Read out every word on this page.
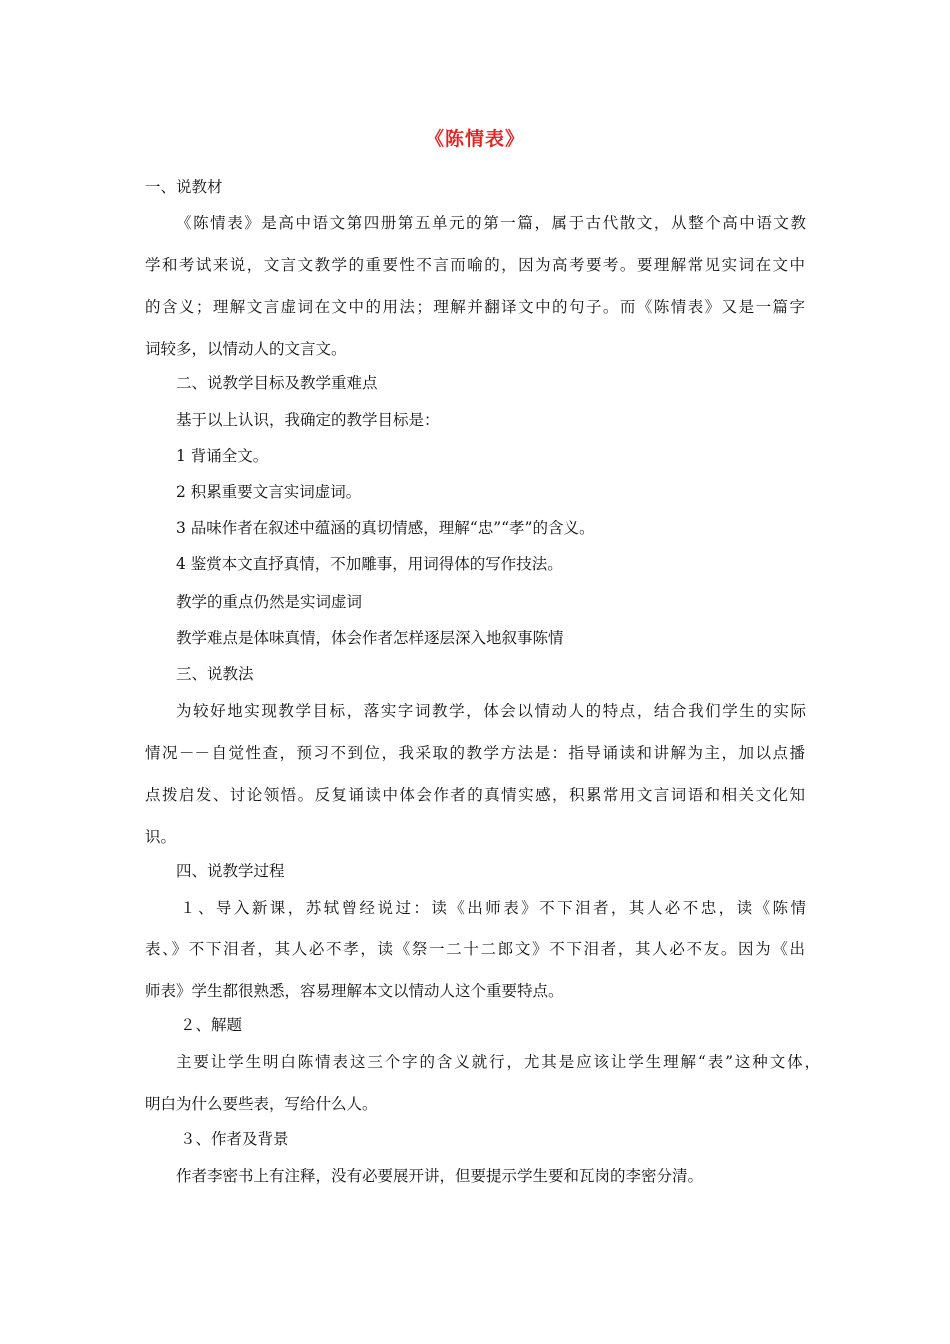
《陈情表》
一、说教材
《陈情表》是高中语文第四册第五单元的第一篇，属于古代散文，从整个高中语文教
学和考试来说，文言文教学的重要性不言而喻的，因为高考要考。要理解常见实词在文中
的含义；理解文言虚词在文中的用法；理解并翻译文中的句子。而《陈情表》又是一篇字
词较多，以情动人的文言文。
二、说教学目标及教学重难点
基于以上认识，我确定的教学目标是：
1 背诵全文。
2 积累重要文言实词虚词。
3 品味作者在叙述中蕴涵的真切情感，理解“忠”“孝”的含义。
4 鉴赏本文直抒真情，不加雕事，用词得体的写作技法。
教学的重点仍然是实词虚词
教学难点是体味真情，体会作者怎样逐层深入地叙事陈情
三、说教法
为较好地实现教学目标，落实字词教学，体会以情动人的特点，结合我们学生的实际
情况－－自觉性查，预习不到位，我采取的教学方法是：指导诵读和讲解为主，加以点播
点拨启发、讨论领悟。反复诵读中体会作者的真情实感，积累常用文言词语和相关文化知
识。
四、说教学过程
１、导入新课，苏轼曾经说过：读《出师表》不下泪者，其人必不忠，读《陈情
表、》不下泪者，其人必不孝，读《祭一二十二郎文》不下泪者，其人必不友。因为《出
师表》学生都很熟悉，容易理解本文以情动人这个重要特点。
２、解题
主要让学生明白陈情表这三个字的含义就行，尤其是应该让学生理解“表”这种文体，
明白为什么要些表，写给什么人。
３、作者及背景
作者李密书上有注释，没有必要展开讲，但要提示学生要和瓦岗的李密分清。
